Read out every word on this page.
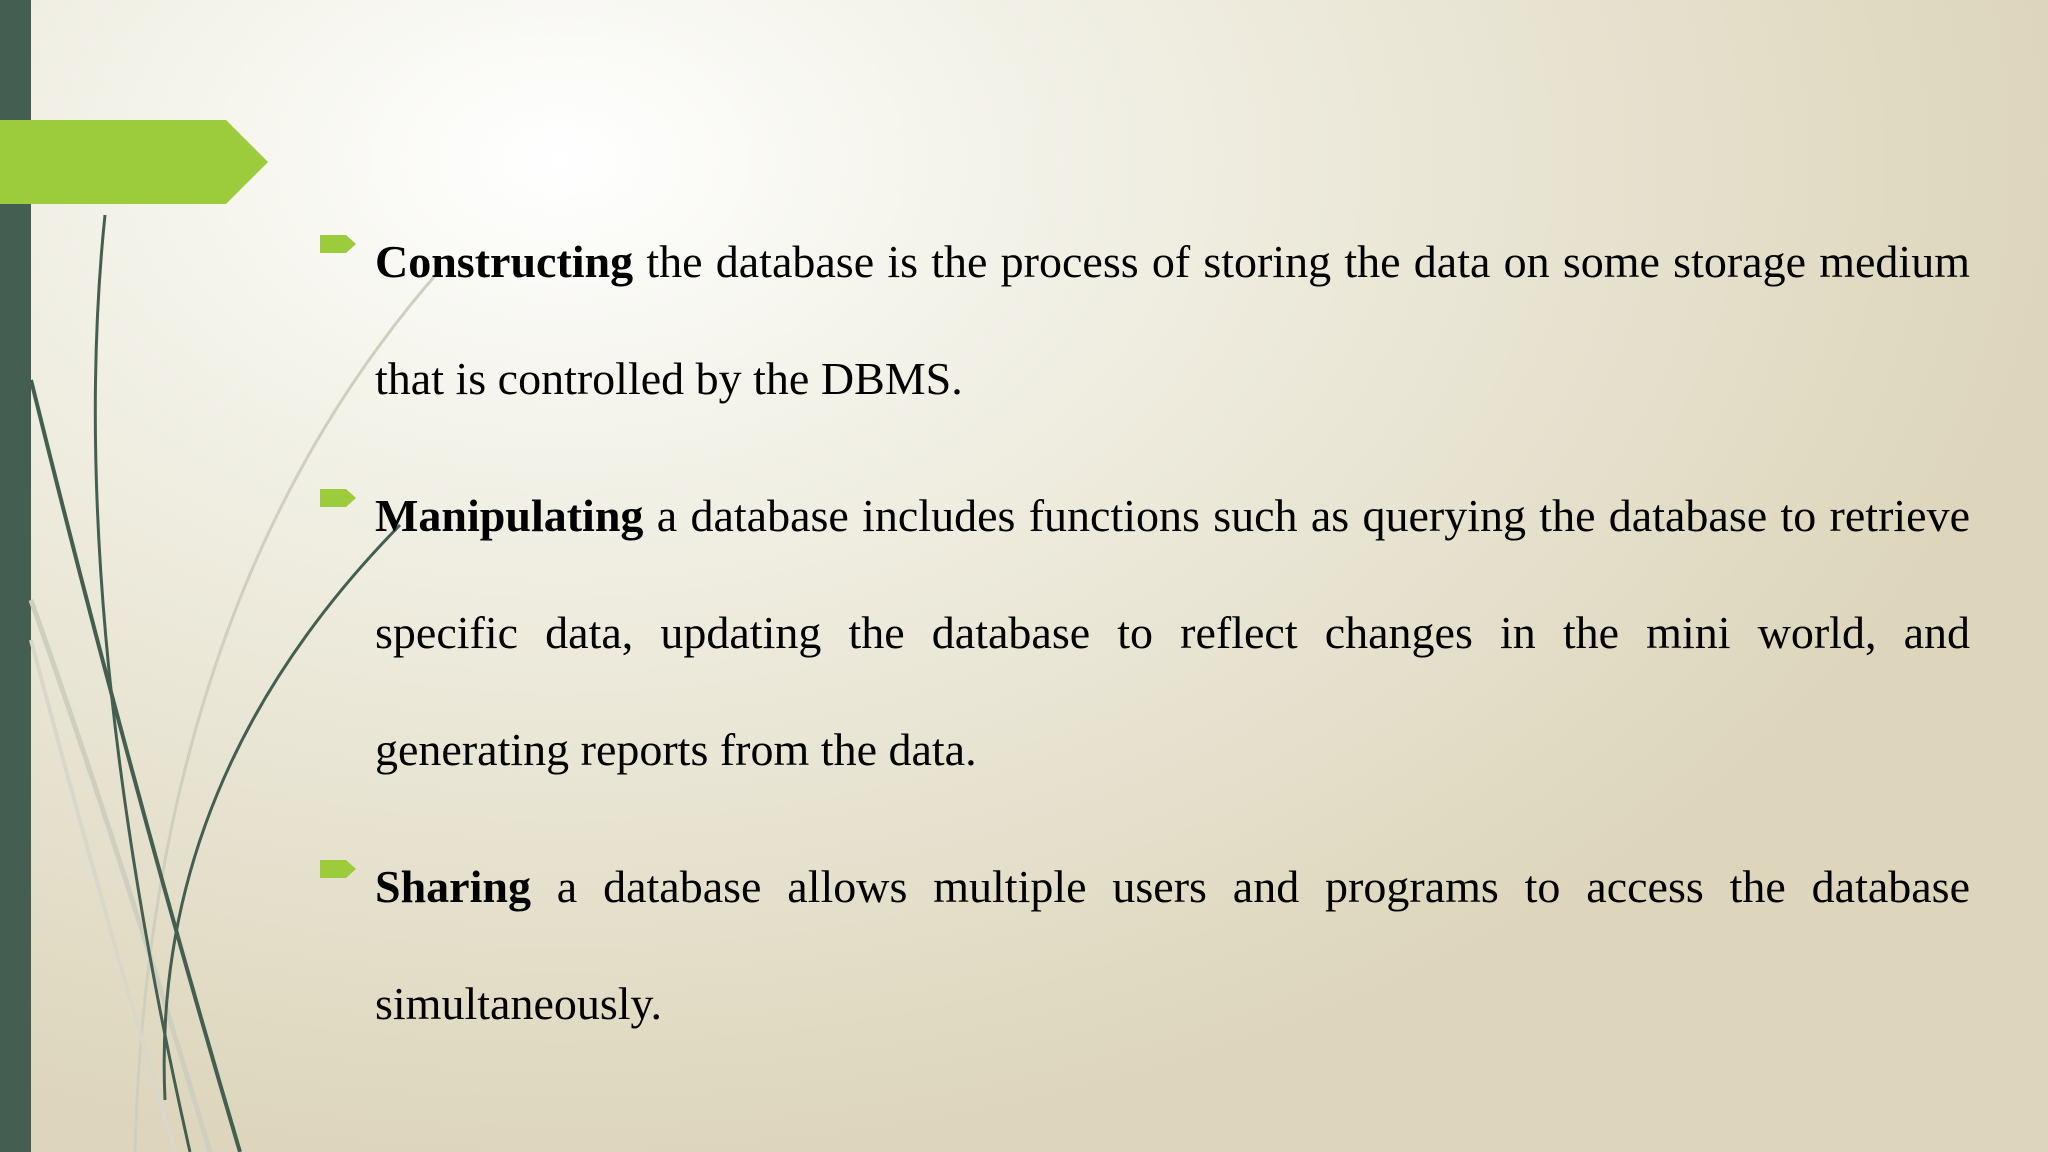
Constructing the database is the process of storing the data on some storage medium that is controlled by the DBMS.

Manipulating a database includes functions such as querying the database to retrieve specific data, updating the database to reflect changes in the mini world, and generating reports from the data.

Sharing a database allows multiple users and programs to access the database simultaneously.
